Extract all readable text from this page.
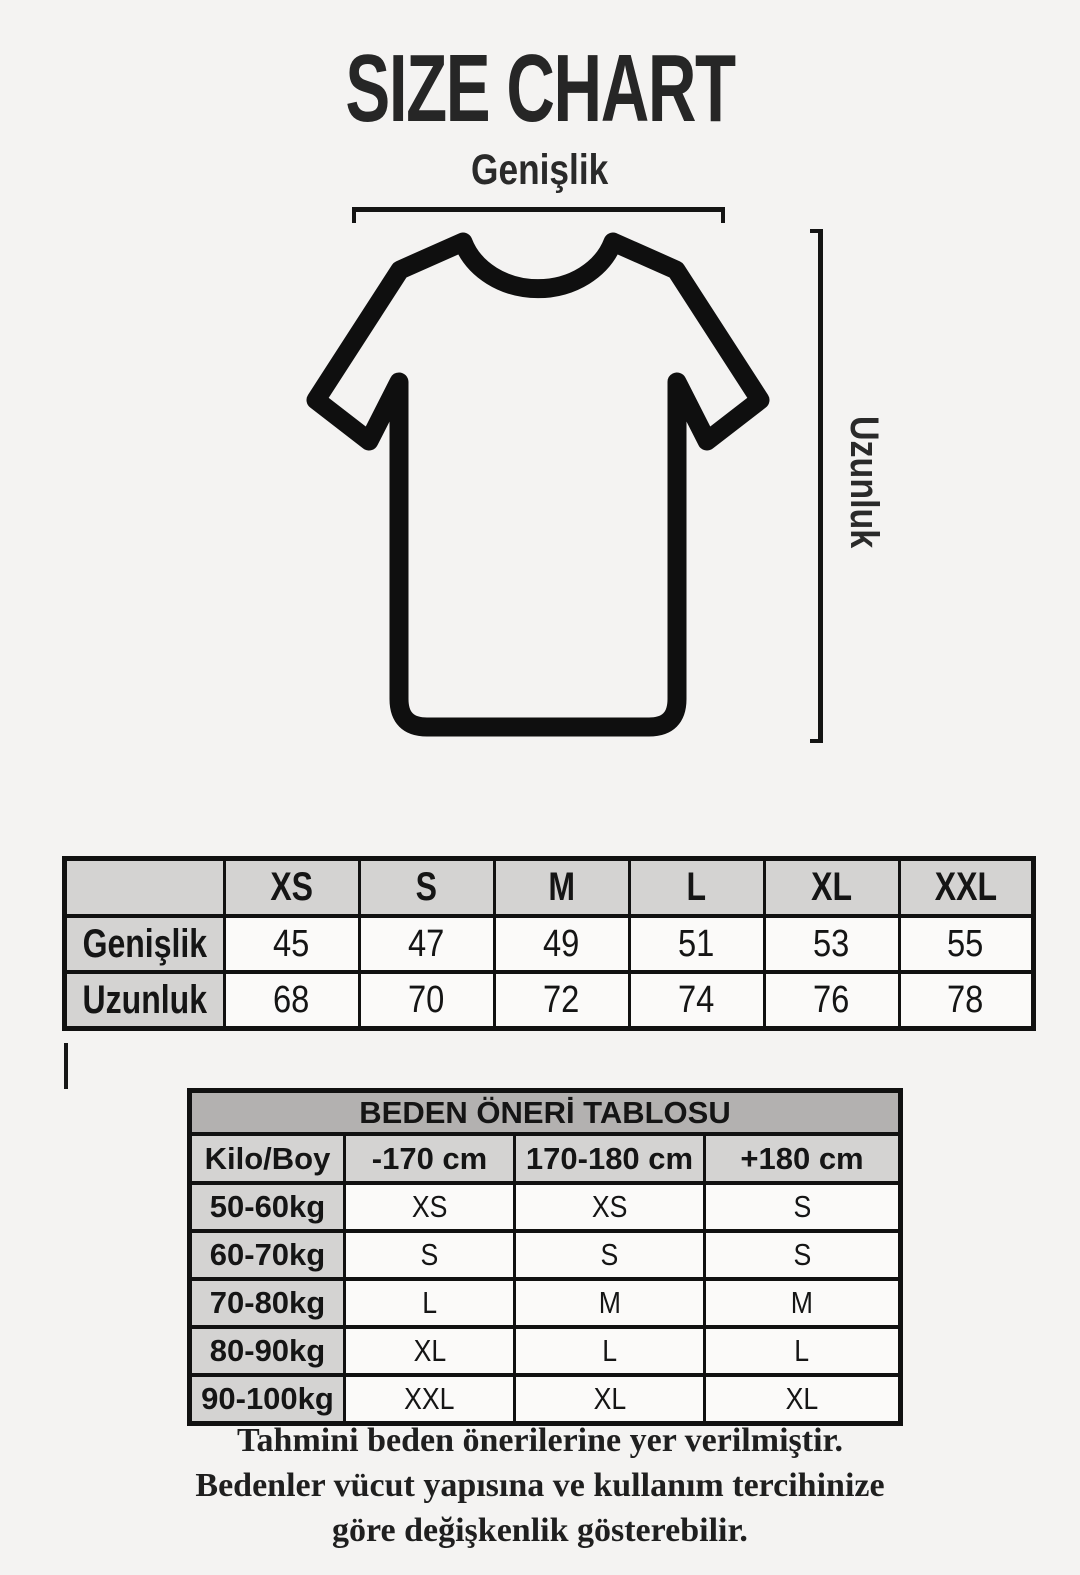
SIZE CHART
Genişlik
Uzunluk
	XS	S	M	L	XL	XXL
Genişlik	45	47	49	51	53	55
Uzunluk	68	70	72	74	76	78
BEDEN ÖNERİ TABLOSU			
Kilo/Boy	-170 cm	170-180 cm	+180 cm
50-60kg	XS	XS	S
60-70kg	S	S	S
70-80kg	L	M	M
80-90kg	XL	L	L
90-100kg	XXL	XL	XL
Tahmini beden önerilerine yer verilmiştir.
Bedenler vücut yapısına ve kullanım tercihinize
göre değişkenlik gösterebilir.
